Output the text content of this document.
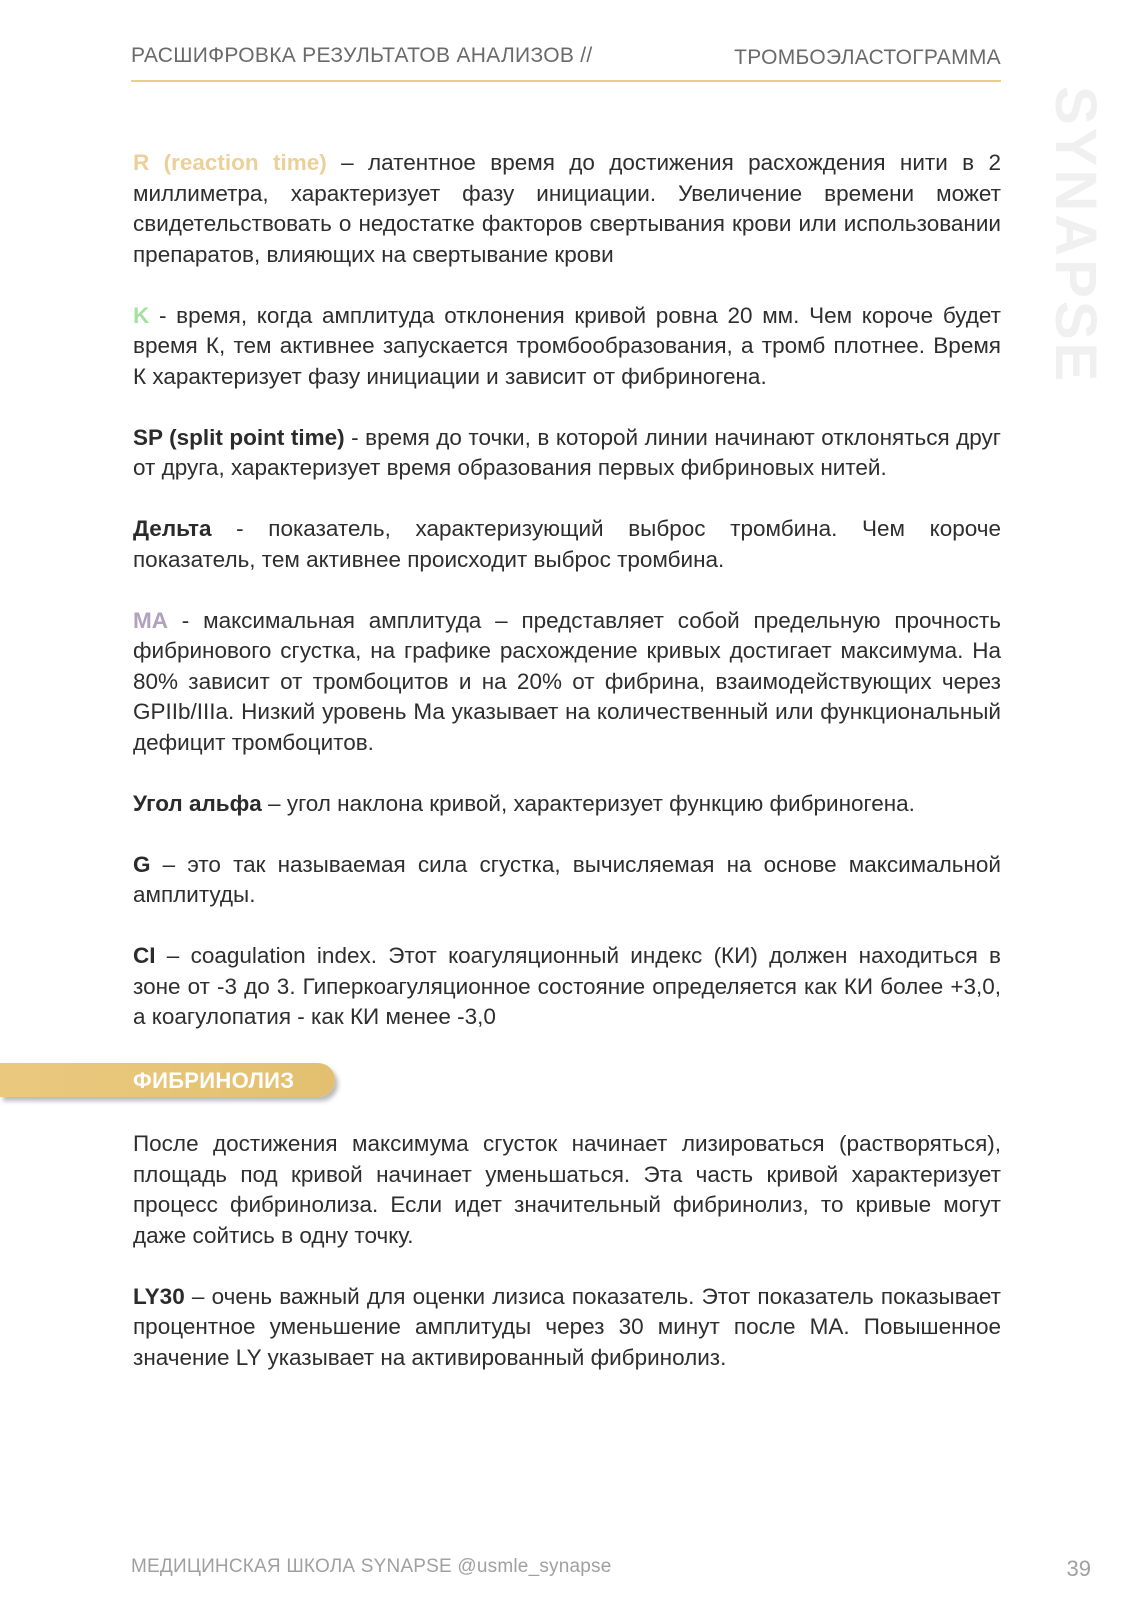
РАСШИФРОВКА РЕЗУЛЬТАТОВ АНАЛИЗОВ //	ТРОМБОЭЛАСТОГРАММА
SYNAPSE

R (reaction time) – латентное время до достижения расхождения нити в 2 миллиметра, характеризует фазу инициации. Увеличение времени может свидетельствовать о недостатке факторов свертывания крови или использовании препаратов, влияющих на свертывание крови

K - время, когда амплитуда отклонения кривой ровна 20 мм. Чем короче будет время К, тем активнее запускается тромбообразования, а тромб плотнее. Время К характеризует фазу инициации и зависит от фибриногена.

SP (split point time) - время до точки, в которой линии начинают отклоняться друг от друга, характеризует время образования первых фибриновых нитей.

Дельта - показатель, характеризующий выброс тромбина. Чем короче показатель, тем активнее происходит выброс тромбина.

MA - максимальная амплитуда – представляет собой предельную прочность фибринового сгустка, на графике расхождение кривых достигает максимума. На 80% зависит от тромбоцитов и на 20% от фибрина, взаимодействующих через GPIIb/IIIa. Низкий уровень Ма указывает на количественный или функциональный дефицит тромбоцитов.

Угол альфа – угол наклона кривой, характеризует функцию фибриногена.

G – это так называемая сила сгустка, вычисляемая на основе максимальной амплитуды.

CI – coagulation index. Этот коагуляционный индекс (КИ) должен находиться в зоне от -3 до 3. Гиперкоагуляционное состояние определяется как КИ более +3,0, а коагулопатия - как КИ менее -3,0

ФИБРИНОЛИЗ

После достижения максимума сгусток начинает лизироваться (растворяться), площадь под кривой начинает уменьшаться. Эта часть кривой характеризует процесс фибринолиза. Если идет значительный фибринолиз, то кривые могут даже сойтись в одну точку.

LY30 – очень важный для оценки лизиса показатель. Этот показатель показывает процентное уменьшение амплитуды через 30 минут после МА. Повышенное значение LY указывает на активированный фибринолиз.

МЕДИЦИНСКАЯ ШКОЛА SYNAPSE @usmle_synapse	39
